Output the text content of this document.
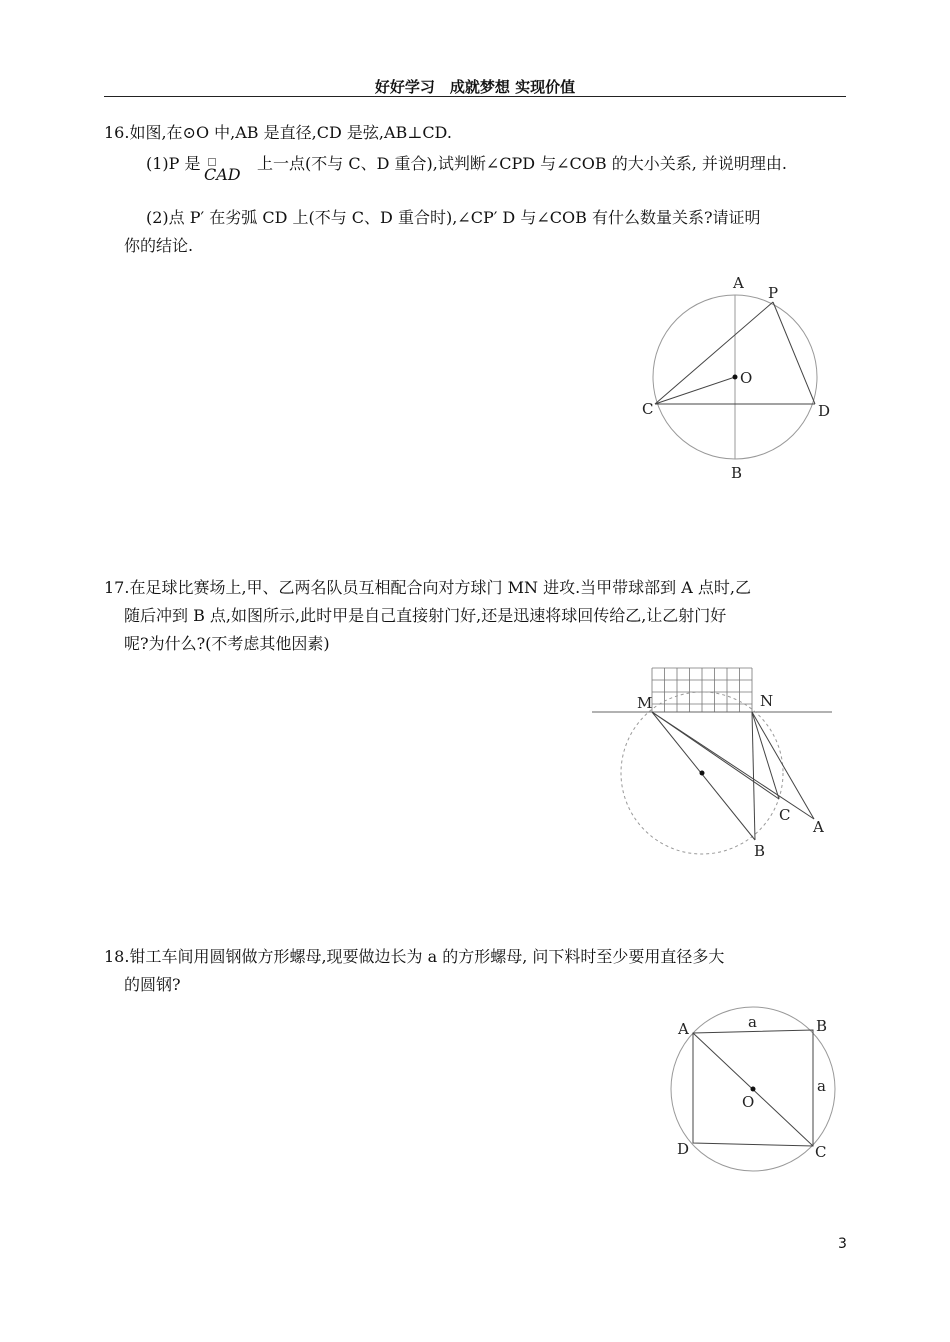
好好学习　成就梦想 实现价值
16.如图,在⊙O 中,AB 是直径,CD 是弦,AB⊥CD.
(1)P 是
CAD
上一点(不与 C、D 重合),试判断∠CPD 与∠COB 的大小关系, 并说明理由.
(2)点 P′ 在劣弧 CD 上(不与 C、D 重合时),∠CP′ D 与∠COB 有什么数量关系?请证明
你的结论.
A
P
O
C	D
B
17.在足球比赛场上,甲、乙两名队员互相配合向对方球门 MN 进攻.当甲带球部到 A 点时,乙
随后冲到 B 点,如图所示,此时甲是自己直接射门好,还是迅速将球回传给乙,让乙射门好
呢?为什么?(不考虑其他因素)
M	N
C
A
B
18.钳工车间用圆钢做方形螺母,现要做边长为 a 的方形螺母, 问下料时至少要用直径多大
的圆钢?
A	B
C
D
O
a
a
3
